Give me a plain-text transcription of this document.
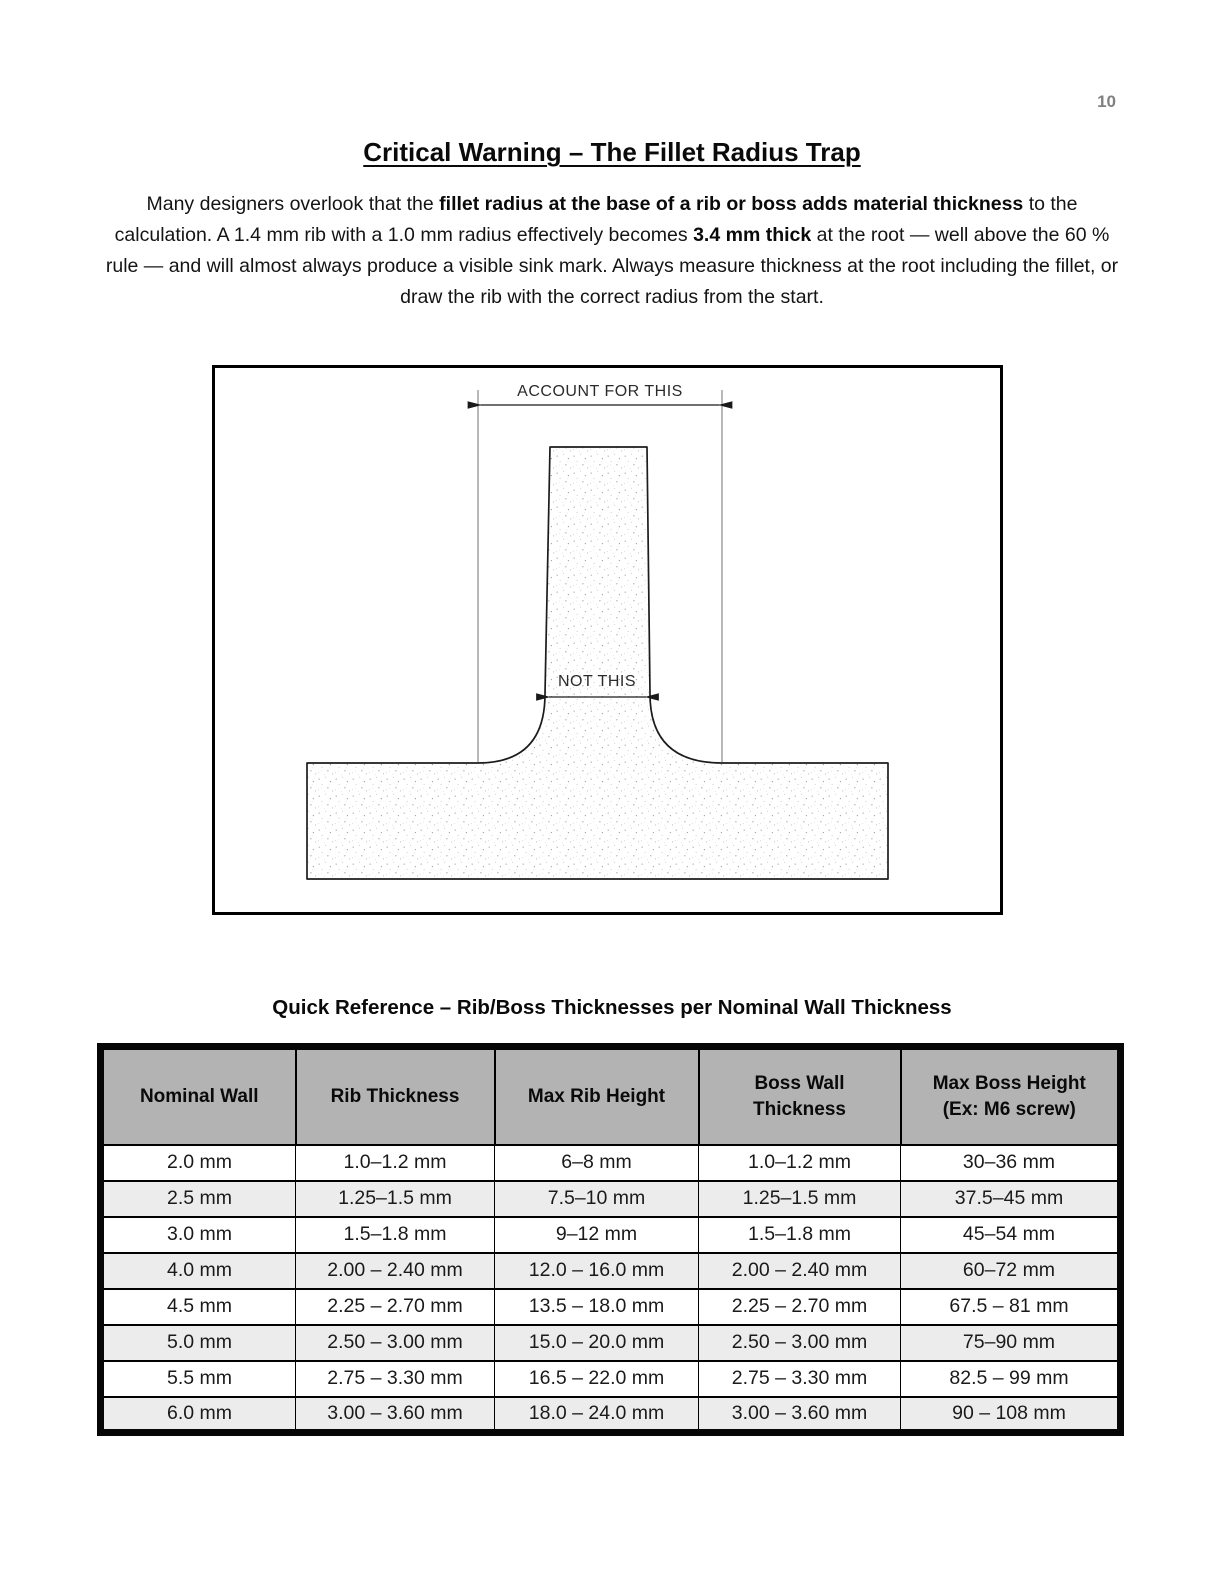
10
Critical Warning – The Fillet Radius Trap

Many designers overlook that the fillet radius at the base of a rib or boss adds material thickness to the calculation. A 1.4 mm rib with a 1.0 mm radius effectively becomes 3.4 mm thick at the root — well above the 60 % rule — and will almost always produce a visible sink mark. Always measure thickness at the root including the fillet, or draw the rib with the correct radius from the start.

ACCOUNT FOR THIS
NOT THIS
Quick Reference – Rib/Boss Thicknesses per Nominal Wall Thickness
Nominal Wall	Rib Thickness	Max Rib Height	Boss Wall Thickness	Max Boss Height (Ex: M6 screw)
2.0 mm	1.0–1.2 mm	6–8 mm	1.0–1.2 mm	30–36 mm
2.5 mm	1.25–1.5 mm	7.5–10 mm	1.25–1.5 mm	37.5–45 mm
3.0 mm	1.5–1.8 mm	9–12 mm	1.5–1.8 mm	45–54 mm
4.0 mm	2.00 – 2.40 mm	12.0 – 16.0 mm	2.00 – 2.40 mm	60–72 mm
4.5 mm	2.25 – 2.70 mm	13.5 – 18.0 mm	2.25 – 2.70 mm	67.5 – 81 mm
5.0 mm	2.50 – 3.00 mm	15.0 – 20.0 mm	2.50 – 3.00 mm	75–90 mm
5.5 mm	2.75 – 3.30 mm	16.5 – 22.0 mm	2.75 – 3.30 mm	82.5 – 99 mm
6.0 mm	3.00 – 3.60 mm	18.0 – 24.0 mm	3.00 – 3.60 mm	90 – 108 mm
